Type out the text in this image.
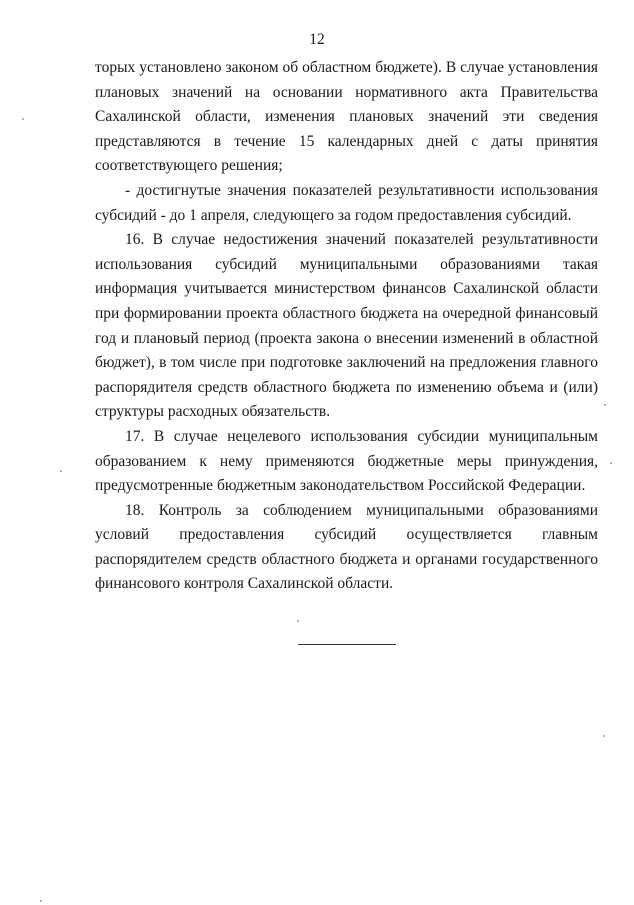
12

торых установлено законом об областном бюджете). В случае установления плановых значений на основании нормативного акта Правительства Сахалинской области, изменения плановых значений эти сведения представляются в течение 15 календарных дней с даты принятия соответствующего решения;

- достигнутые значения показателей результативности использования субсидий - до 1 апреля, следующего за годом предоставления субсидий.

16. В случае недостижения значений показателей результативности использования субсидий муниципальными образованиями такая информация учитывается министерством финансов Сахалинской области при формировании проекта областного бюджета на очередной финансовый год и плановый период (проекта закона о внесении изменений в областной бюджет), в том числе при подготовке заключений на предложения главного распорядителя средств областного бюджета по изменению объема и (или) структуры расходных обязательств.

17. В случае нецелевого использования субсидии муниципальным образованием к нему применяются бюджетные меры принуждения, предусмотренные бюджетным законодательством Российской Федерации.

18. Контроль за соблюдением муниципальными образованиями условий предоставления субсидий осуществляется главным распорядителем средств областного бюджета и органами государственного финансового контроля Сахалинской области.
